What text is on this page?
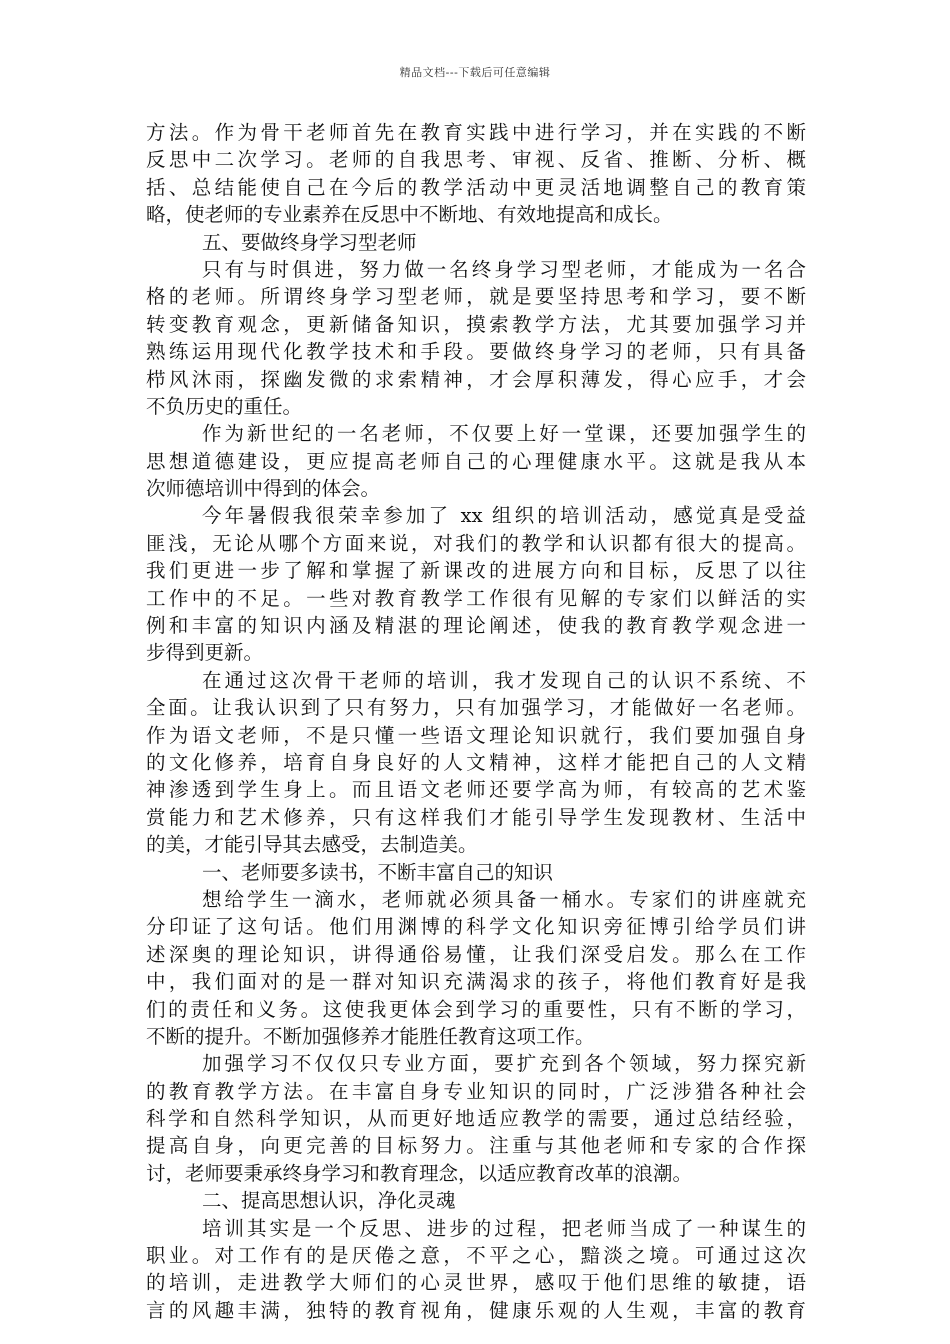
精品文档---下载后可任意编辑
方法。作为骨干老师首先在教育实践中进行学习，并在实践的不断
反思中二次学习。老师的自我思考、审视、反省、推断、分析、概
括、总结能使自己在今后的教学活动中更灵活地调整自己的教育策
略，使老师的专业素养在反思中不断地、有效地提高和成长。
五、要做终身学习型老师
只有与时俱进，努力做一名终身学习型老师，才能成为一名合
格的老师。所谓终身学习型老师，就是要坚持思考和学习，要不断
转变教育观念，更新储备知识，摸索教学方法，尤其要加强学习并
熟练运用现代化教学技术和手段。要做终身学习的老师，只有具备
栉风沐雨，探幽发微的求索精神，才会厚积薄发，得心应手，才会
不负历史的重任。
作为新世纪的一名老师，不仅要上好一堂课，还要加强学生的
思想道德建设，更应提高老师自己的心理健康水平。这就是我从本
次师德培训中得到的体会。
今年暑假我很荣幸参加了 xx 组织的培训活动，感觉真是受益
匪浅，无论从哪个方面来说，对我们的教学和认识都有很大的提高。
我们更进一步了解和掌握了新课改的进展方向和目标，反思了以往
工作中的不足。一些对教育教学工作很有见解的专家们以鲜活的实
例和丰富的知识内涵及精湛的理论阐述，使我的教育教学观念进一
步得到更新。
在通过这次骨干老师的培训，我才发现自己的认识不系统、不
全面。让我认识到了只有努力，只有加强学习，才能做好一名老师。
作为语文老师，不是只懂一些语文理论知识就行，我们要加强自身
的文化修养，培育自身良好的人文精神，这样才能把自己的人文精
神渗透到学生身上。而且语文老师还要学高为师，有较高的艺术鉴
赏能力和艺术修养，只有这样我们才能引导学生发现教材、生活中
的美，才能引导其去感受，去制造美。
一、老师要多读书，不断丰富自己的知识
想给学生一滴水，老师就必须具备一桶水。专家们的讲座就充
分印证了这句话。他们用渊博的科学文化知识旁征博引给学员们讲
述深奥的理论知识，讲得通俗易懂，让我们深受启发。那么在工作
中，我们面对的是一群对知识充满渴求的孩子，将他们教育好是我
们的责任和义务。这使我更体会到学习的重要性，只有不断的学习，
不断的提升。不断加强修养才能胜任教育这项工作。
加强学习不仅仅只专业方面，要扩充到各个领域，努力探究新
的教育教学方法。在丰富自身专业知识的同时，广泛涉猎各种社会
科学和自然科学知识，从而更好地适应教学的需要，通过总结经验，
提高自身，向更完善的目标努力。注重与其他老师和专家的合作探
讨，老师要秉承终身学习和教育理念，以适应教育改革的浪潮。
二、提高思想认识，净化灵魂
培训其实是一个反思、进步的过程，把老师当成了一种谋生的
职业。对工作有的是厌倦之意，不平之心，黯淡之境。可通过这次
的培训，走进教学大师们的心灵世界，感叹于他们思维的敏捷，语
言的风趣丰满，独特的教育视角，健康乐观的人生观，丰富的教育
